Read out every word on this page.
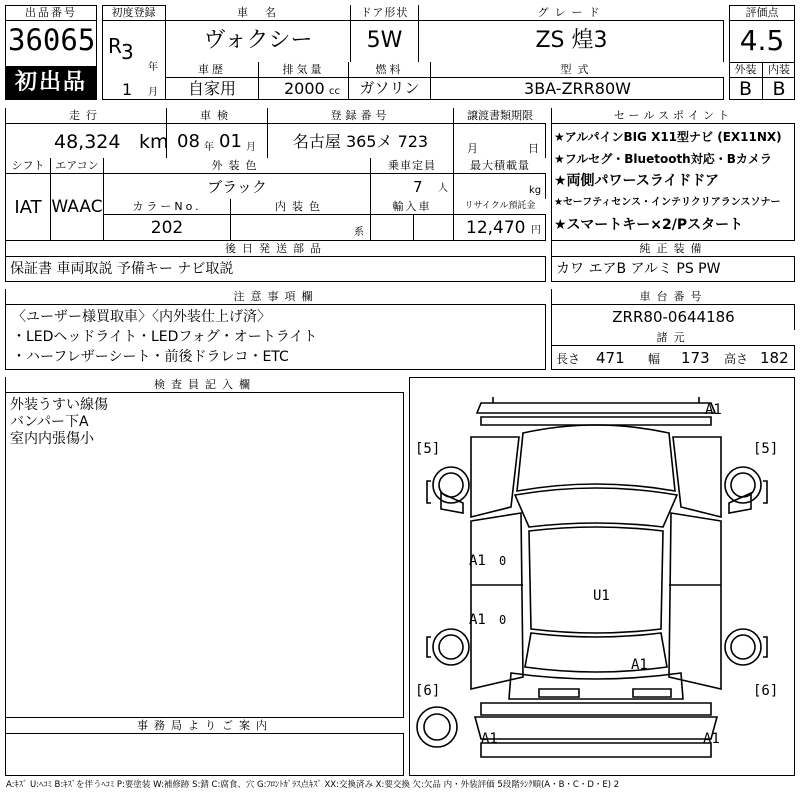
出品番号
36065
初出品
初度登録
R 3
年
1 月
車　名
ヴォクシー
ドア形状
5W
グレード
ZS 煌3
車歴
自家用
排気量
2000 cc
燃料
ガソリン
型式
3BA-ZRR80W
評価点
4.5
外装	内装
B	B
走行
48,324 km
車検
08 年 01 月
登録番号
名古屋 365メ 723
譲渡書類期限
月	日
シフト
IAT
エアコン
WAAC
外装色
ブラック
乗車定員
7 人
最大積載量
kg
カラーNo.
202
内装色
系
輸入車	リサイクル預託金
12,470 円
セールスポイント
★アルパインBIG X11型ナビ (EX11NX)
★フルセグ・Bluetooth対応・Bカメラ
★両側パワースライドドア
★セーフティセンス・インテリクリアランスソナー
★スマートキー×2/Pスタート
後日発送部品
保証書 車両取説 予備キー ナビ取説
純正装備
カワ エアB アルミ PS PW
注意事項欄
〈ユーザー様買取車〉〈内外装仕上げ済〉
・LEDヘッドライト・LEDフォグ・オートライト
・ハーフレザーシート・前後ドラレコ・ETC
車台番号
ZRR80-0644186
諸元
長さ 471 幅 173 高さ 182
検査員記入欄
外装うすい線傷
バンパー下A
室内内張傷小
事務局よりご案内
A1
[5]	[5]
A1
A1
U1
A1
[6]	[6]
A1	A1
0
0
A:ｷｽﾞ U:ﾍｺﾐ B:ｷｽﾞを伴うﾍｺﾐ P:要塗装 W:補修跡 S:錆 C:腐食、穴 G:ﾌﾛﾝﾄｶﾞﾗｽ点ｷｽﾞ XX:交換済み X:要交換 欠:欠品 内・外装評価 5段階ﾗﾝｸ順(A・B・C・D・E) 2
